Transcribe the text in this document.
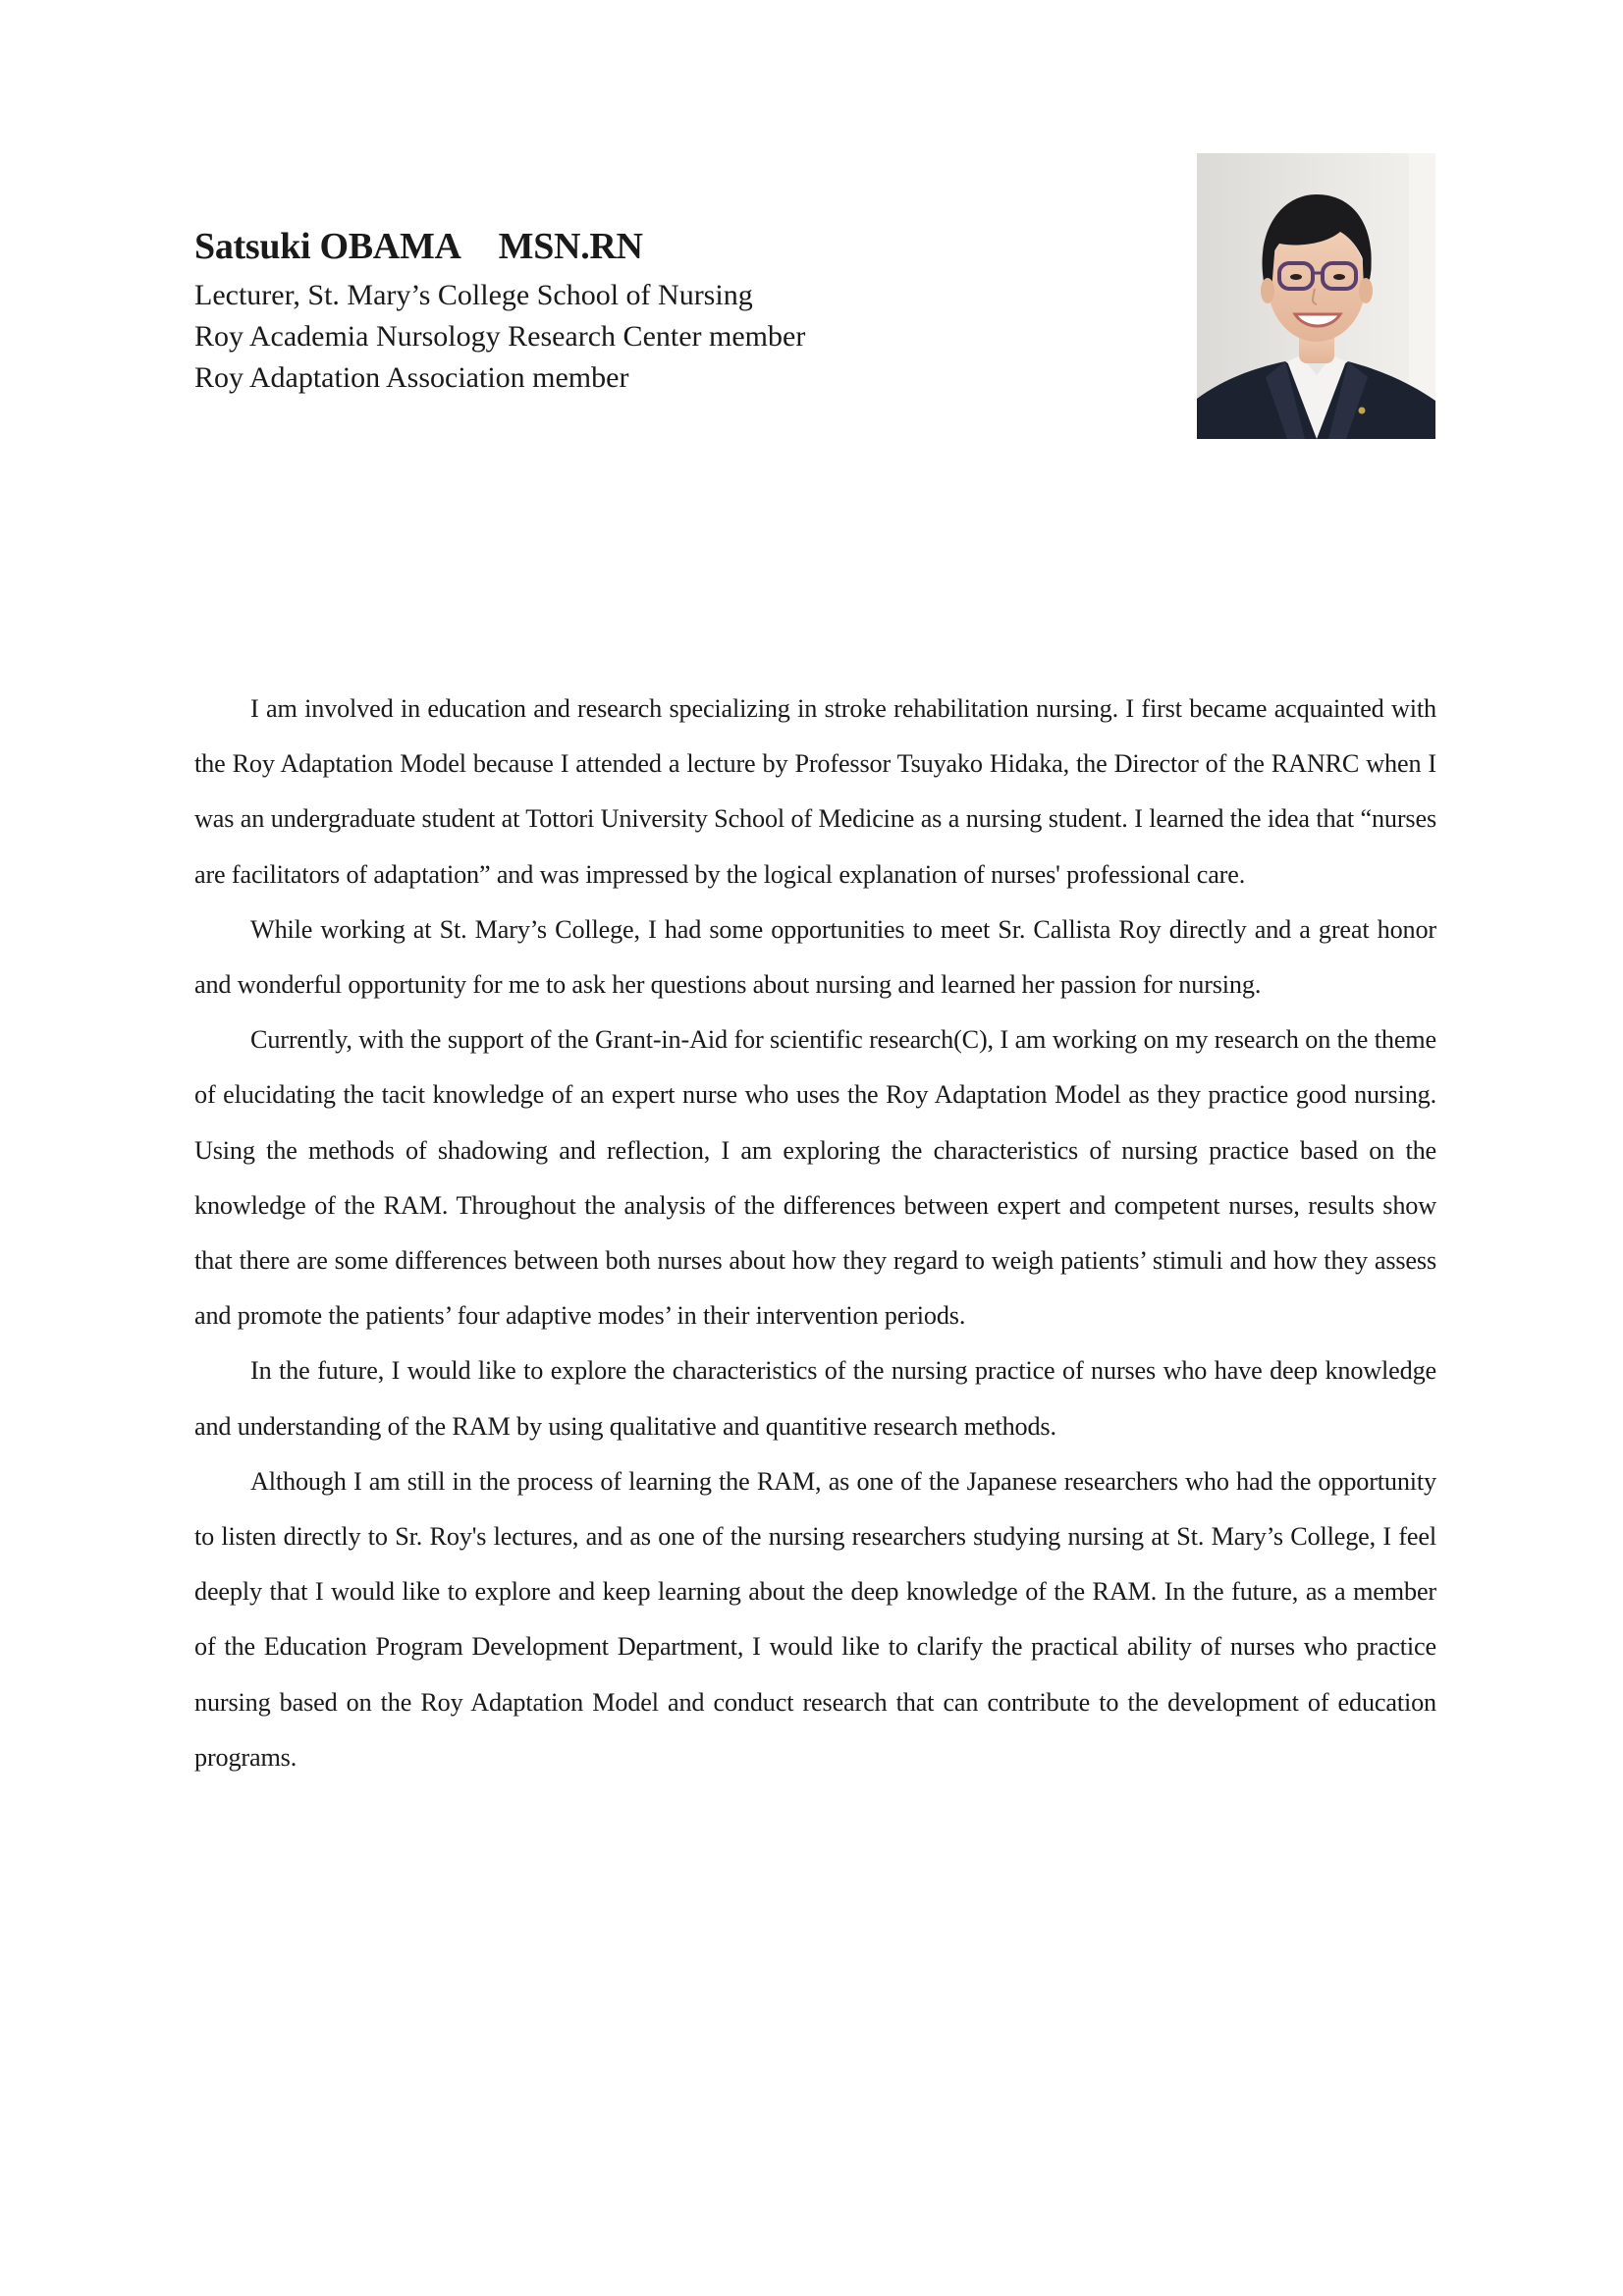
Satsuki OBAMA MSN.RN
Lecturer, St. Mary’s College School of Nursing
Roy Academia Nursology Research Center member
Roy Adaptation Association member

I am involved in education and research specializing in stroke rehabilitation nursing. I first became acquainted with the Roy Adaptation Model because I attended a lecture by Professor Tsuyako Hidaka, the Director of the RANRC when I was an undergraduate student at Tottori University School of Medicine as a nursing student. I learned the idea that “nurses are facilitators of adaptation” and was impressed by the logical explanation of nurses' professional care.

While working at St. Mary’s College, I had some opportunities to meet Sr. Callista Roy directly and a great honor and wonderful opportunity for me to ask her questions about nursing and learned her passion for nursing.

Currently, with the support of the Grant-in-Aid for scientific research(C), I am working on my research on the theme of elucidating the tacit knowledge of an expert nurse who uses the Roy Adaptation Model as they practice good nursing. Using the methods of shadowing and reflection, I am exploring the characteristics of nursing practice based on the knowledge of the RAM. Throughout the analysis of the differences between expert and competent nurses, results show that there are some differences between both nurses about how they regard to weigh patients’ stimuli and how they assess and promote the patients’ four adaptive modes’ in their intervention periods.

In the future, I would like to explore the characteristics of the nursing practice of nurses who have deep knowledge and understanding of the RAM by using qualitative and quantitive research methods.

Although I am still in the process of learning the RAM, as one of the Japanese researchers who had the opportunity to listen directly to Sr. Roy's lectures, and as one of the nursing researchers studying nursing at St. Mary’s College, I feel deeply that I would like to explore and keep learning about the deep knowledge of the RAM. In the future, as a member of the Education Program Development Department, I would like to clarify the practical ability of nurses who practice nursing based on the Roy Adaptation Model and conduct research that can contribute to the development of education programs.
